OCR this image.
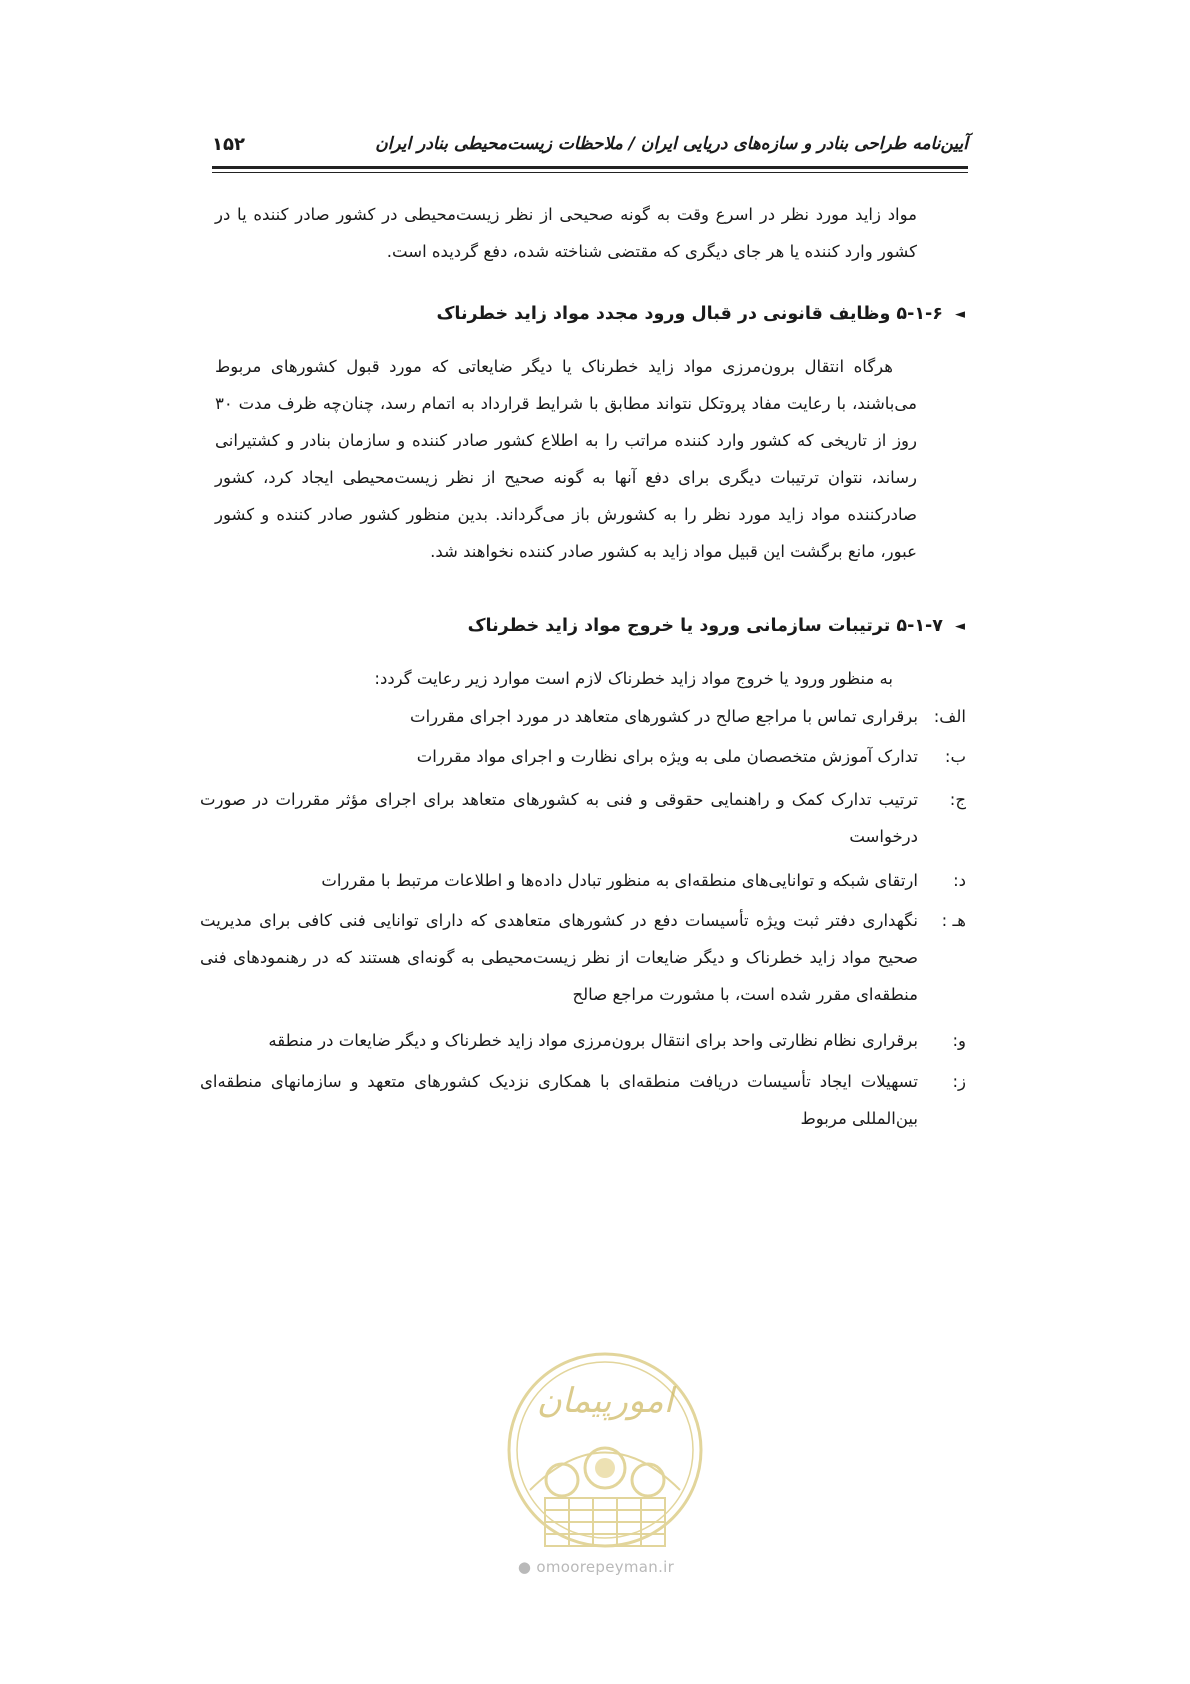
آیین‌نامه طراحی بنادر و سازه‌های دریایی ایران / ملاحظات زیست‌محیطی بنادر ایران
۱۵۲

مواد زاید مورد نظر در اسرع وقت به گونه صحیحی از نظر زیست‌محیطی در کشور صادر کننده یا در کشور وارد کننده یا هر جای دیگری که مقتضی شناخته شده، دفع گردیده است.

◄۵-۱-۶ وظایف قانونی در قبال ورود مجدد مواد زاید خطرناک

هرگاه انتقال برون‌مرزی مواد زاید خطرناک یا دیگر ضایعاتی که مورد قبول کشورهای مربوط می‌باشند، با رعایت مفاد پروتکل نتواند مطابق با شرایط قرارداد به اتمام رسد، چنان‌چه ظرف مدت ۳۰ روز از تاریخی که کشور وارد کننده مراتب را به اطلاع کشور صادر کننده و سازمان بنادر و کشتیرانی رساند، نتوان ترتیبات دیگری برای دفع آنها به گونه صحیح از نظر زیست‌محیطی ایجاد کرد، کشور صادرکننده مواد زاید مورد نظر را به کشورش باز می‌گرداند. بدین منظور کشور صادر کننده و کشور عبور، مانع برگشت این قبیل مواد زاید به کشور صادر کننده نخواهند شد.

◄۵-۱-۷ ترتیبات سازمانی ورود یا خروج مواد زاید خطرناک

به منظور ورود یا خروج مواد زاید خطرناک لازم است موارد زیر رعایت گردد:

الف:
برقراری تماس با مراجع صالح در کشورهای متعاهد در مورد اجرای مقررات
ب:
تدارک آموزش متخصصان ملی به ویژه برای نظارت و اجرای مواد مقررات
ج:
ترتیب تدارک کمک و راهنمایی حقوقی و فنی به کشورهای متعاهد برای اجرای مؤثر مقررات در صورت درخواست
د:
ارتقای شبکه و توانایی‌های منطقه‌ای به منظور تبادل داده‌ها و اطلاعات مرتبط با مقررات
هـ :
نگهداری دفتر ثبت ویژه تأسیسات دفع در کشورهای متعاهدی که دارای توانایی فنی کافی برای مدیریت صحیح مواد زاید خطرناک و دیگر ضایعات از نظر زیست‌محیطی به گونه‌ای هستند که در رهنمودهای فنی منطقه‌ای مقرر شده است، با مشورت مراجع صالح
و:
برقراری نظام نظارتی واحد برای انتقال برون‌مرزی مواد زاید خطرناک و دیگر ضایعات در منطقه
ز:
تسهیلات ایجاد تأسیسات دریافت منطقه‌ای با همکاری نزدیک کشورهای متعهد و سازمانهای منطقه‌ای بین‌المللی مربوط
امورپیمان
● omoorepeyman.ir
